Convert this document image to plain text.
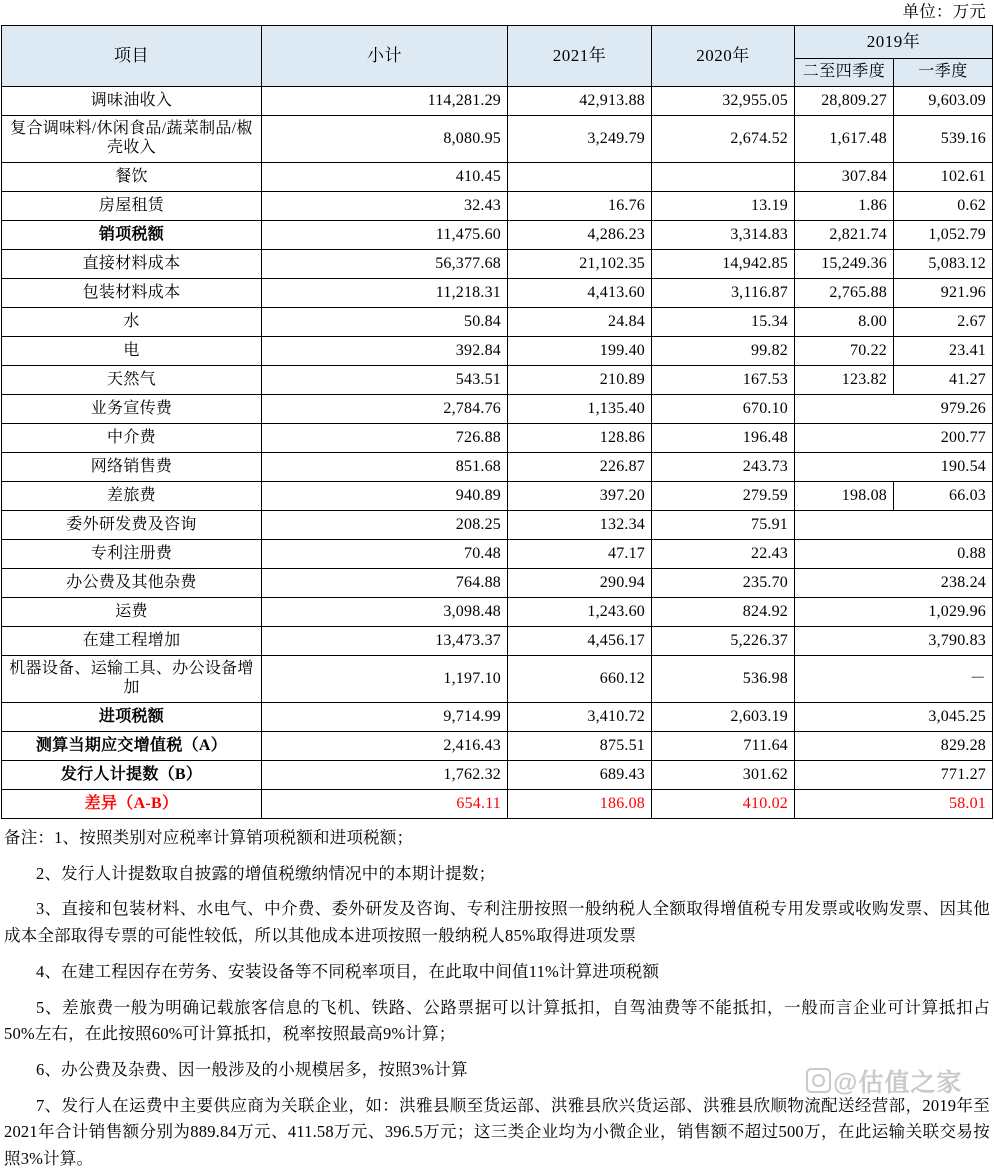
单位：万元
项目	小计	2021年	2020年	2019年	
				二至四季度	一季度
调味油收入	114,281.29	42,913.88	32,955.05	28,809.27	9,603.09
复合调味料/休闲食品/蔬菜制品/椒壳收入	8,080.95	3,249.79	2,674.52	1,617.48	539.16
餐饮	410.45			307.84	102.61
房屋租赁	32.43	16.76	13.19	1.86	0.62
销项税额	11,475.60	4,286.23	3,314.83	2,821.74	1,052.79
直接材料成本	56,377.68	21,102.35	14,942.85	15,249.36	5,083.12
包装材料成本	11,218.31	4,413.60	3,116.87	2,765.88	921.96
水	50.84	24.84	15.34	8.00	2.67
电	392.84	199.40	99.82	70.22	23.41
天然气	543.51	210.89	167.53	123.82	41.27
业务宣传费	2,784.76	1,135.40	670.10	979.26	
中介费	726.88	128.86	196.48	200.77	
网络销售费	851.68	226.87	243.73	190.54	
差旅费	940.89	397.20	279.59	198.08	66.03
委外研发费及咨询	208.25	132.34	75.91		
专利注册费	70.48	47.17	22.43	0.88	
办公费及其他杂费	764.88	290.94	235.70	238.24	
运费	3,098.48	1,243.60	824.92	1,029.96	
在建工程增加	13,473.37	4,456.17	5,226.37	3,790.83	
机器设备、运输工具、办公设备增加	1,197.10	660.12	536.98	－	
进项税额	9,714.99	3,410.72	2,603.19	3,045.25	
测算当期应交增值税（A）	2,416.43	875.51	711.64	829.28	
发行人计提数（B）	1,762.32	689.43	301.62	771.27	
差异（A-B）	654.11	186.08	410.02	58.01	

备注：1、按照类别对应税率计算销项税额和进项税额；

2、发行人计提数取自披露的增值税缴纳情况中的本期计提数；

3、直接和包装材料、水电气、中介费、委外研发及咨询、专利注册按照一般纳税人全额取得增值税专用发票或收购发票、因其他成本全部取得专票的可能性较低，所以其他成本进项按照一般纳税人85%取得进项发票

4、在建工程因存在劳务、安装设备等不同税率项目，在此取中间值11%计算进项税额

5、差旅费一般为明确记载旅客信息的飞机、铁路、公路票据可以计算抵扣，自驾油费等不能抵扣，一般而言企业可计算抵扣占50%左右，在此按照60%可计算抵扣，税率按照最高9%计算；

6、办公费及杂费、因一般涉及的小规模居多，按照3%计算

7、发行人在运费中主要供应商为关联企业，如：洪雅县顺至货运部、洪雅县欣兴货运部、洪雅县欣顺物流配送经营部，2019年至2021年合计销售额分别为889.84万元、411.58万元、396.5万元；这三类企业均为小微企业，销售额不超过500万，在此运输关联交易按照3%计算。

@估值之家
